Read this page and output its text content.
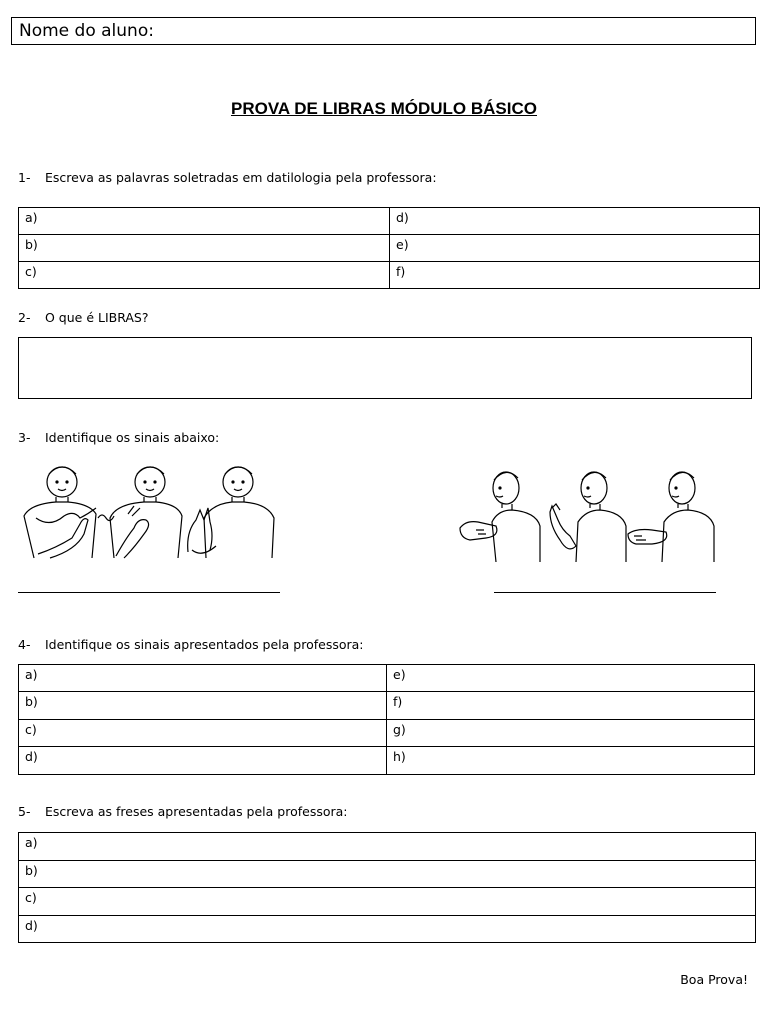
Nome do aluno:
PROVA DE LIBRAS MÓDULO BÁSICO
1- Escreva as palavras soletradas em datilologia pela professora:
a)	d)
b)	e)
c)	f)
2- O que é LIBRAS?
3- Identifique os sinais abaixo:
4- Identifique os sinais apresentados pela professora:
a)	e)
b)	f)
c)	g)
d)	h)
5- Escreva as freses apresentadas pela professora:
a)
b)
c)
d)
Boa Prova!
